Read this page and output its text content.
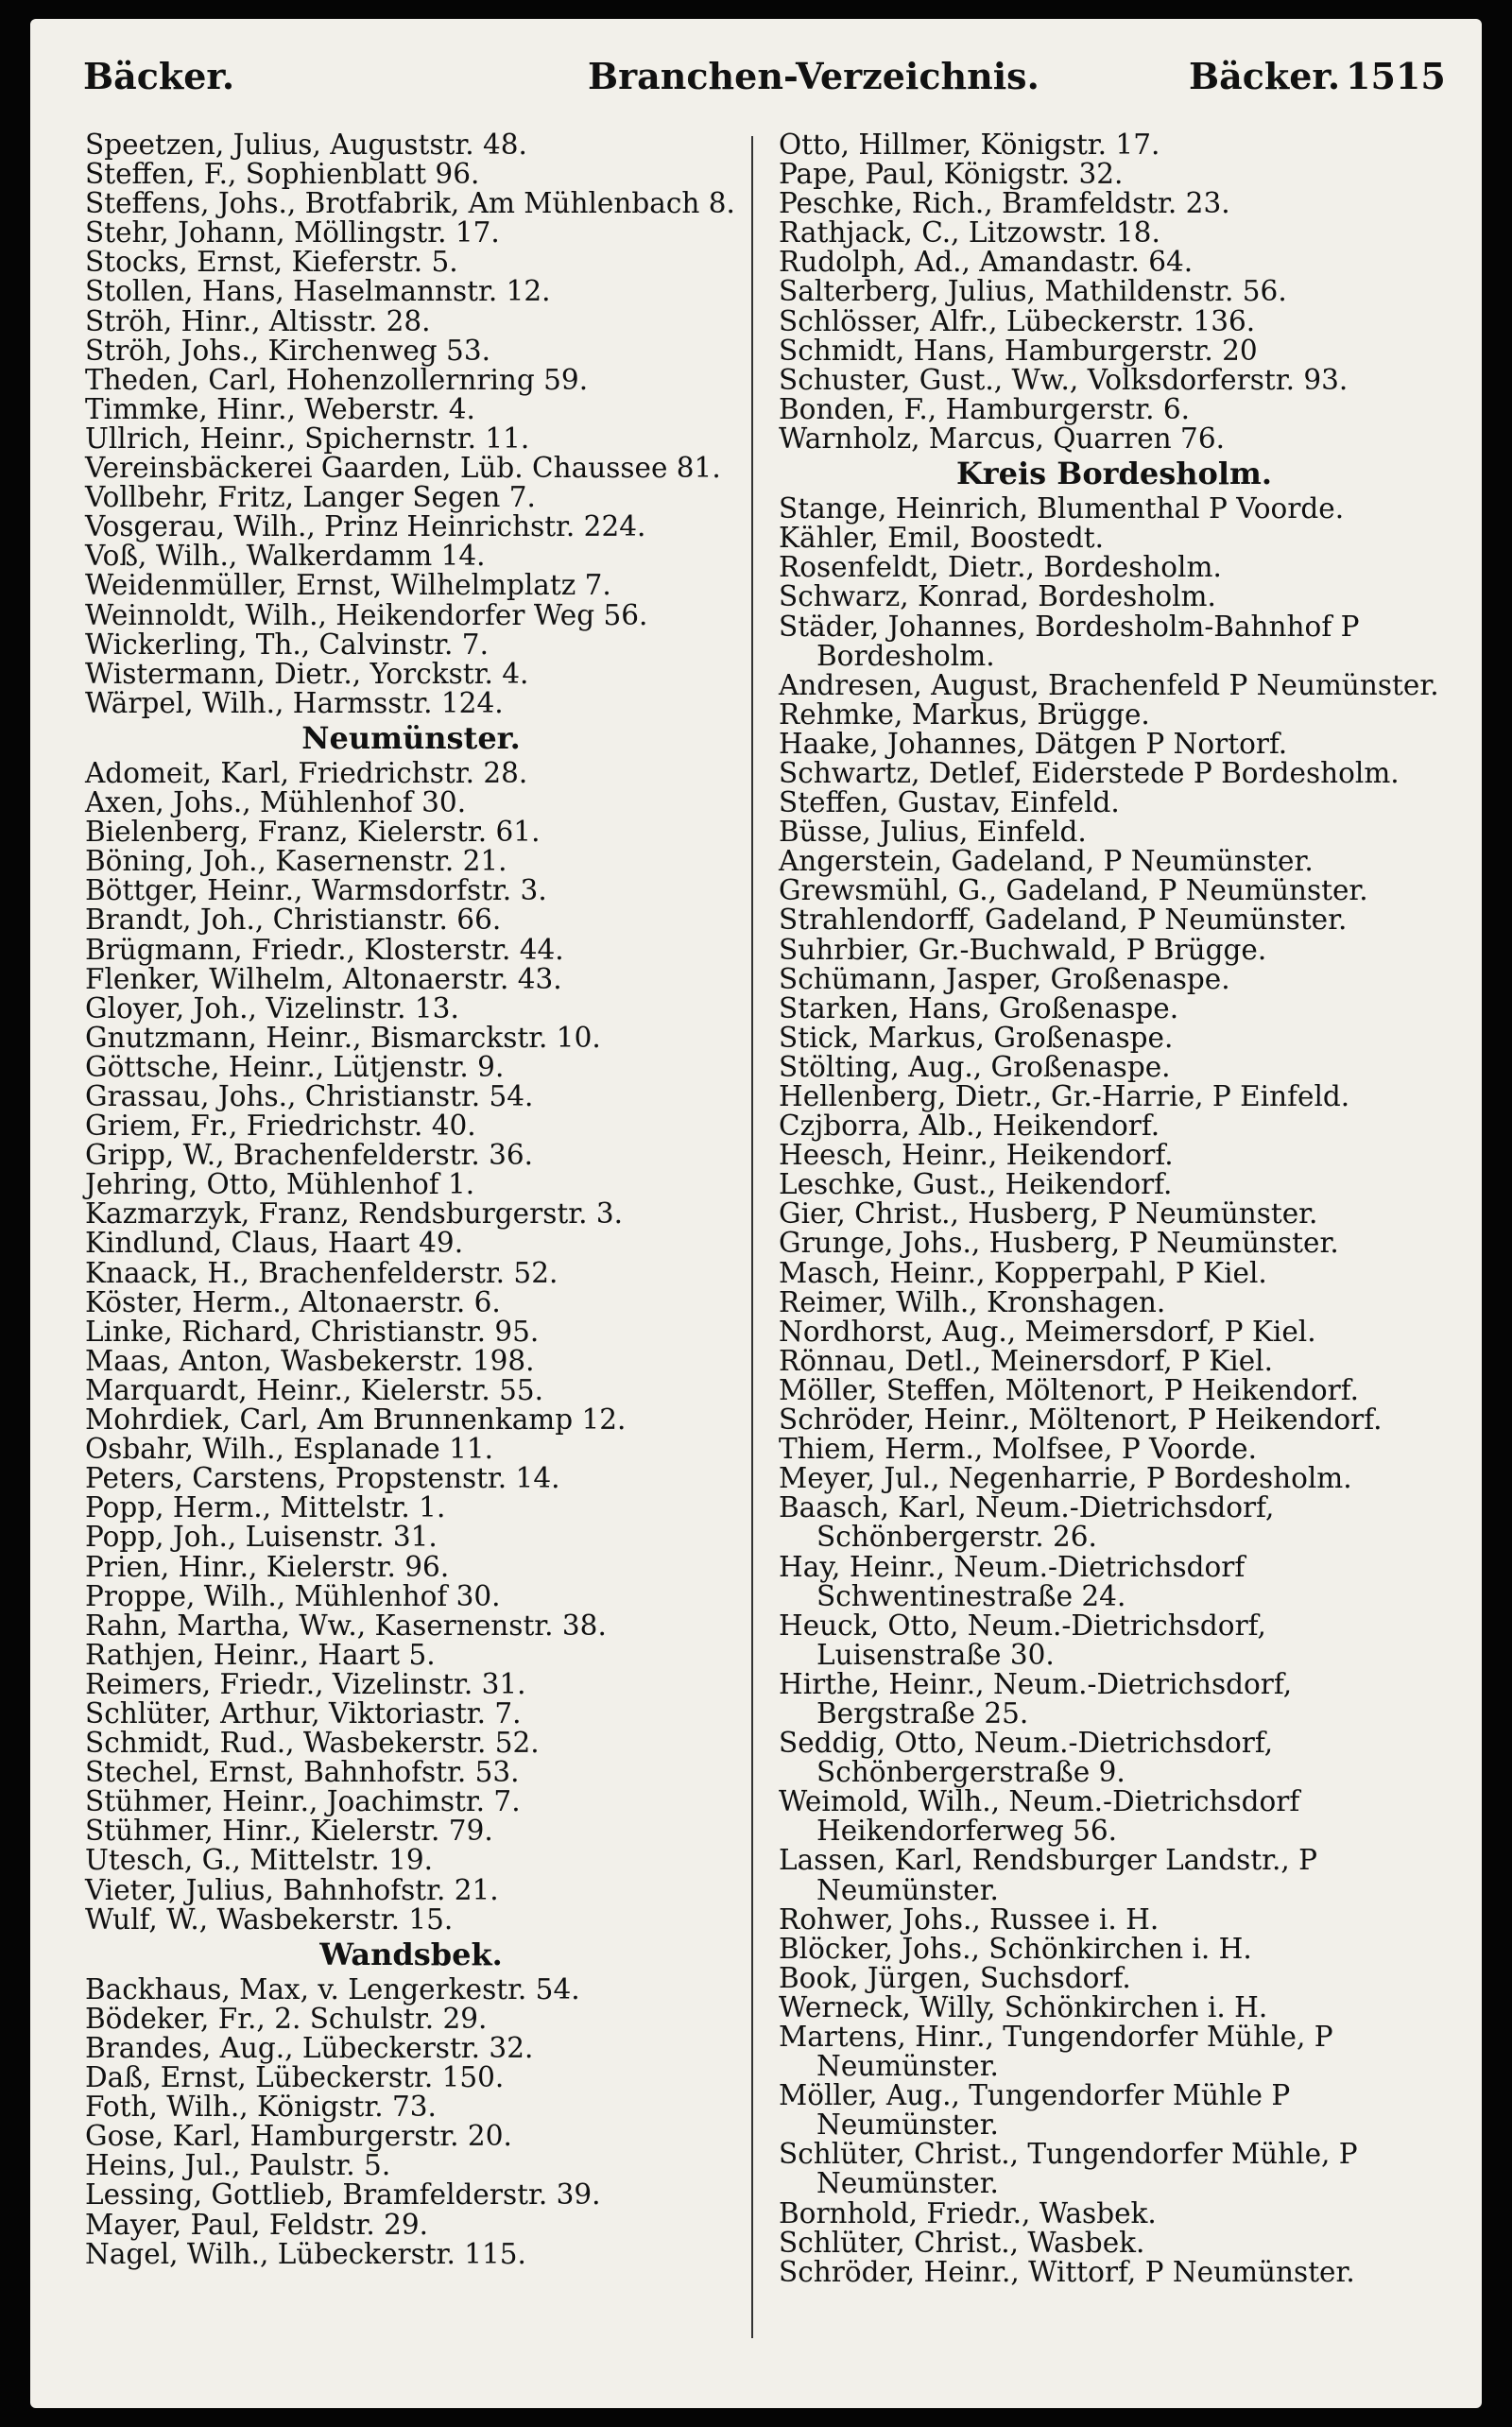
Bäcker.	Branchen-Verzeichnis.	Bäcker. 1515
Speetzen, Julius, Auguststr. 48.
Steffen, F., Sophienblatt 96.
Steffens, Johs., Brotfabrik, Am Mühlenbach 8.
Stehr, Johann, Möllingstr. 17.
Stocks, Ernst, Kieferstr. 5.
Stollen, Hans, Haselmannstr. 12.
Ströh, Hinr., Altisstr. 28.
Ströh, Johs., Kirchenweg 53.
Theden, Carl, Hohenzollernring 59.
Timmke, Hinr., Weberstr. 4.
Ullrich, Heinr., Spichernstr. 11.
Vereinsbäckerei Gaarden, Lüb. Chaussee 81.
Vollbehr, Fritz, Langer Segen 7.
Vosgerau, Wilh., Prinz Heinrichstr. 224.
Voß, Wilh., Walkerdamm 14.
Weidenmüller, Ernst, Wilhelmplatz 7.
Weinnoldt, Wilh., Heikendorfer Weg 56.
Wickerling, Th., Calvinstr. 7.
Wistermann, Dietr., Yorckstr. 4.
Wärpel, Wilh., Harmsstr. 124.
Neumünster.
Adomeit, Karl, Friedrichstr. 28.
Axen, Johs., Mühlenhof 30.
Bielenberg, Franz, Kielerstr. 61.
Böning, Joh., Kasernenstr. 21.
Böttger, Heinr., Warmsdorfstr. 3.
Brandt, Joh., Christianstr. 66.
Brügmann, Friedr., Klosterstr. 44.
Flenker, Wilhelm, Altonaerstr. 43.
Gloyer, Joh., Vizelinstr. 13.
Gnutzmann, Heinr., Bismarckstr. 10.
Göttsche, Heinr., Lütjenstr. 9.
Grassau, Johs., Christianstr. 54.
Griem, Fr., Friedrichstr. 40.
Gripp, W., Brachenfelderstr. 36.
Jehring, Otto, Mühlenhof 1.
Kazmarzyk, Franz, Rendsburgerstr. 3.
Kindlund, Claus, Haart 49.
Knaack, H., Brachenfelderstr. 52.
Köster, Herm., Altonaerstr. 6.
Linke, Richard, Christianstr. 95.
Maas, Anton, Wasbekerstr. 198.
Marquardt, Heinr., Kielerstr. 55.
Mohrdiek, Carl, Am Brunnenkamp 12.
Osbahr, Wilh., Esplanade 11.
Peters, Carstens, Propstenstr. 14.
Popp, Herm., Mittelstr. 1.
Popp, Joh., Luisenstr. 31.
Prien, Hinr., Kielerstr. 96.
Proppe, Wilh., Mühlenhof 30.
Rahn, Martha, Ww., Kasernenstr. 38.
Rathjen, Heinr., Haart 5.
Reimers, Friedr., Vizelinstr. 31.
Schlüter, Arthur, Viktoriastr. 7.
Schmidt, Rud., Wasbekerstr. 52.
Stechel, Ernst, Bahnhofstr. 53.
Stühmer, Heinr., Joachimstr. 7.
Stühmer, Hinr., Kielerstr. 79.
Utesch, G., Mittelstr. 19.
Vieter, Julius, Bahnhofstr. 21.
Wulf, W., Wasbekerstr. 15.
Wandsbek.
Backhaus, Max, v. Lengerkestr. 54.
Bödeker, Fr., 2. Schulstr. 29.
Brandes, Aug., Lübeckerstr. 32.
Daß, Ernst, Lübeckerstr. 150.
Foth, Wilh., Königstr. 73.
Gose, Karl, Hamburgerstr. 20.
Heins, Jul., Paulstr. 5.
Lessing, Gottlieb, Bramfelderstr. 39.
Mayer, Paul, Feldstr. 29.
Nagel, Wilh., Lübeckerstr. 115.
Otto, Hillmer, Königstr. 17.
Pape, Paul, Königstr. 32.
Peschke, Rich., Bramfeldstr. 23.
Rathjack, C., Litzowstr. 18.
Rudolph, Ad., Amandastr. 64.
Salterberg, Julius, Mathildenstr. 56.
Schlösser, Alfr., Lübeckerstr. 136.
Schmidt, Hans, Hamburgerstr. 20
Schuster, Gust., Ww., Volksdorferstr. 93.
Bonden, F., Hamburgerstr. 6.
Warnholz, Marcus, Quarren 76.
Kreis Bordesholm.
Stange, Heinrich, Blumenthal P Voorde.
Kähler, Emil, Boostedt.
Rosenfeldt, Dietr., Bordesholm.
Schwarz, Konrad, Bordesholm.
Städer, Johannes, Bordesholm-Bahnhof P Bordesholm.
Andresen, August, Brachenfeld P Neumünster.
Rehmke, Markus, Brügge.
Haake, Johannes, Dätgen P Nortorf.
Schwartz, Detlef, Eiderstede P Bordesholm.
Steffen, Gustav, Einfeld.
Büsse, Julius, Einfeld.
Angerstein, Gadeland, P Neumünster.
Grewsmühl, G., Gadeland, P Neumünster.
Strahlendorff, Gadeland, P Neumünster.
Suhrbier, Gr.-Buchwald, P Brügge.
Schümann, Jasper, Großenaspe.
Starken, Hans, Großenaspe.
Stick, Markus, Großenaspe.
Stölting, Aug., Großenaspe.
Hellenberg, Dietr., Gr.-Harrie, P Einfeld.
Czjborra, Alb., Heikendorf.
Heesch, Heinr., Heikendorf.
Leschke, Gust., Heikendorf.
Gier, Christ., Husberg, P Neumünster.
Grunge, Johs., Husberg, P Neumünster.
Masch, Heinr., Kopperpahl, P Kiel.
Reimer, Wilh., Kronshagen.
Nordhorst, Aug., Meimersdorf, P Kiel.
Rönnau, Detl., Meinersdorf, P Kiel.
Möller, Steffen, Möltenort, P Heikendorf.
Schröder, Heinr., Möltenort, P Heikendorf.
Thiem, Herm., Molfsee, P Voorde.
Meyer, Jul., Negenharrie, P Bordesholm.
Baasch, Karl, Neum.-Dietrichsdorf, Schönbergerstr. 26.
Hay, Heinr., Neum.-Dietrichsdorf Schwentinestraße 24.
Heuck, Otto, Neum.-Dietrichsdorf, Luisenstraße 30.
Hirthe, Heinr., Neum.-Dietrichsdorf, Bergstraße 25.
Seddig, Otto, Neum.-Dietrichsdorf, Schönbergerstraße 9.
Weimold, Wilh., Neum.-Dietrichsdorf Heikendorferweg 56.
Lassen, Karl, Rendsburger Landstr., P Neumünster.
Rohwer, Johs., Russee i. H.
Blöcker, Johs., Schönkirchen i. H.
Book, Jürgen, Suchsdorf.
Werneck, Willy, Schönkirchen i. H.
Martens, Hinr., Tungendorfer Mühle, P Neumünster.
Möller, Aug., Tungendorfer Mühle P Neumünster.
Schlüter, Christ., Tungendorfer Mühle, P Neumünster.
Bornhold, Friedr., Wasbek.
Schlüter, Christ., Wasbek.
Schröder, Heinr., Wittorf, P Neumünster.
